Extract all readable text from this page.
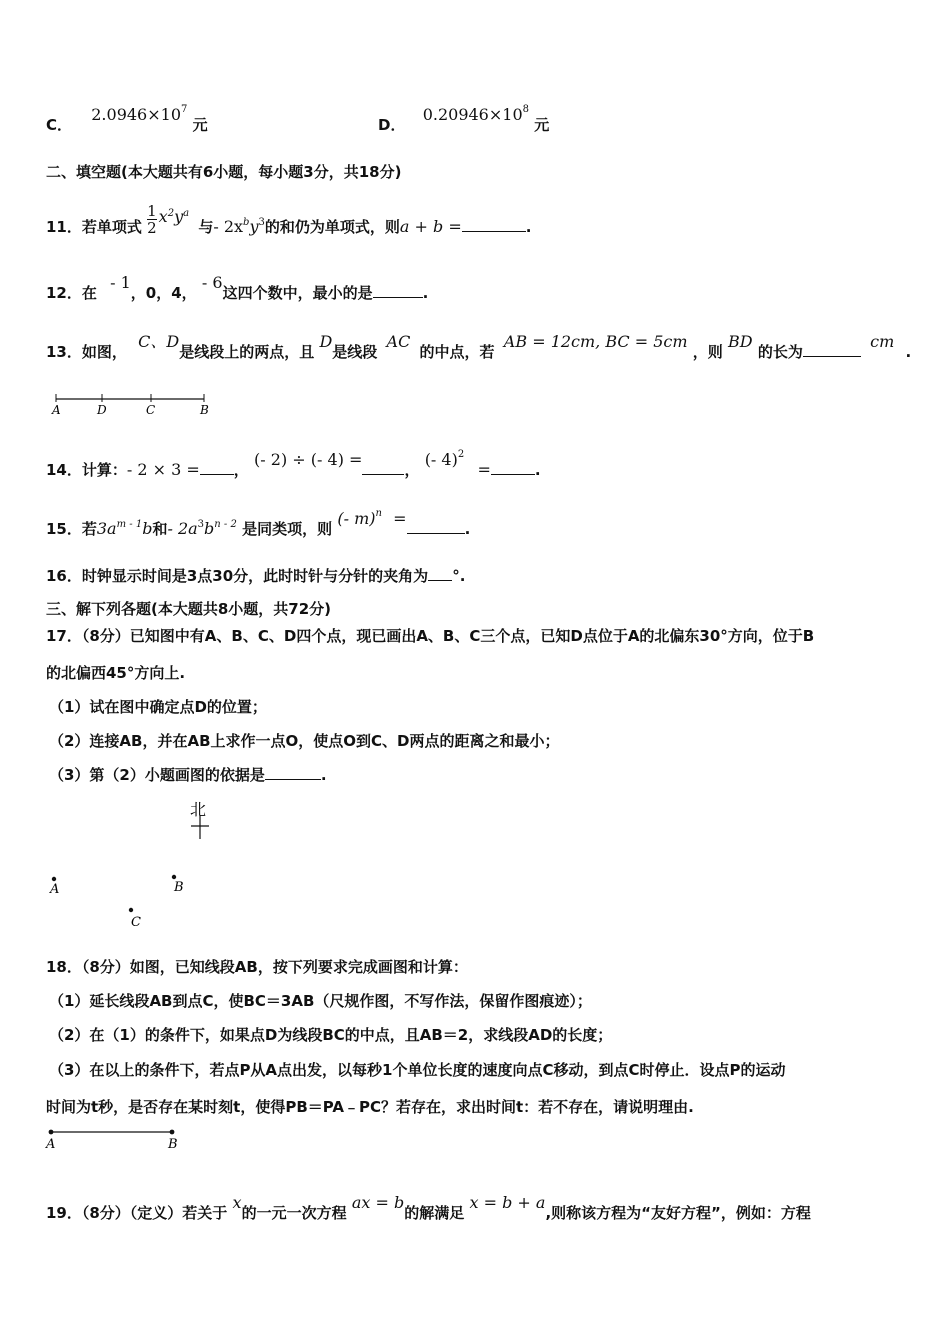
C． $2.0946\times 10^7$ 元	D． $0.20946\times 10^8$ 元
二、填空题(本大题共有6小题，每小题3分，共18分)
11．若单项式 $\frac{1}{2} x^2y^a$ 与- $2x^by^3$的和仍为单项式，则a + b =	.
12．在 - 1，0，4， - 6这四个数中，最小的是	.
13．如图， C、D是线段上的两点，且 D是线段 AC 的中点，若 AB = 12cm, BC = 5cm ，则 BD 的长为 cm .
A	D	C	B
14．计算：- 2 × 3 = ， (- 2) ÷ (- 4) =， (- 4)$^2$ =	.
15．若$3a^{m - 1}b$和- $2a^3b^{n - 2}$ 是同类项，则 (- m)$^n$ =.
16．时钟显示时间是3点30分，此时时针与分针的夹角为 °.
三、解下列各题(本大题共8小题，共72分)
17．（8分）已知图中有A、B、C、D四个点，现已画出A、B、C三个点，已知D点位于A的北偏东30°方向，位于B
的北偏西45°方向上.
（1）试在图中确定点D的位置；
（2）连接AB，并在AB上求作一点O，使点O到C、D两点的距离之和最小；
（3）第（2）小题画图的依据是	.
北
A	B
C
18．（8分）如图，已知线段AB，按下列要求完成画图和计算：
（1）延长线段AB到点C，使BC＝3AB（尺规作图，不写作法，保留作图痕迹）；
（2）在（1）的条件下，如果点D为线段BC的中点，且AB＝2，求线段AD的长度；
（3）在以上的条件下，若点P从A点出发，以每秒1个单位长度的速度向点C移动，到点C时停止．设点P的运动
时间为t秒，是否存在某时刻t，使得PB＝PA﹣PC？若存在，求出时间t：若不存在，请说明理由.
A	B
19．（8分）（定义）若关于 x的一元一次方程 ax = b的解满足 x = b + a,则称该方程为“友好方程”，例如：方程
